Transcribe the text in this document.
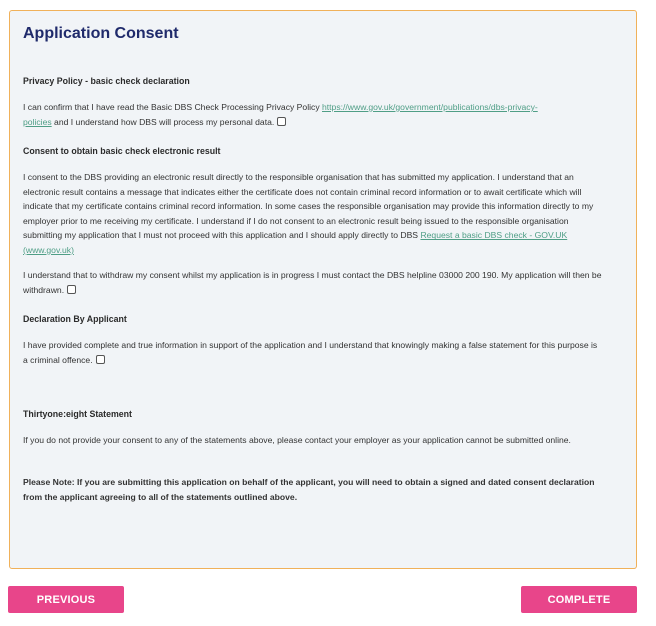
Application Consent
Privacy Policy - basic check declaration
I can confirm that I have read the Basic DBS Check Processing Privacy Policy https://www.gov.uk/government/publications/dbs-privacy-
policies and I understand how DBS will process my personal data.
Consent to obtain basic check electronic result
I consent to the DBS providing an electronic result directly to the responsible organisation that has submitted my application. I understand that an electronic result contains a message that indicates either the certificate does not contain criminal record information or to await certificate which will indicate that my certificate contains criminal record information. In some cases the responsible organisation may provide this information directly to my employer prior to me receiving my certificate. I understand if I do not consent to an electronic result being issued to the responsible organisation submitting my application that I must not proceed with this application and I should apply directly to DBS Request a basic DBS check - GOV.UK (www.gov.uk)
I understand that to withdraw my consent whilst my application is in progress I must contact the DBS helpline 03000 200 190. My application will then be withdrawn.
Declaration By Applicant
I have provided complete and true information in support of the application and I understand that knowingly making a false statement for this purpose is a criminal offence.
Thirtyone:eight Statement
If you do not provide your consent to any of the statements above, please contact your employer as your application cannot be submitted online.
Please Note: If you are submitting this application on behalf of the applicant, you will need to obtain a signed and dated consent declaration from the applicant agreeing to all of the statements outlined above.
PREVIOUS	COMPLETE
